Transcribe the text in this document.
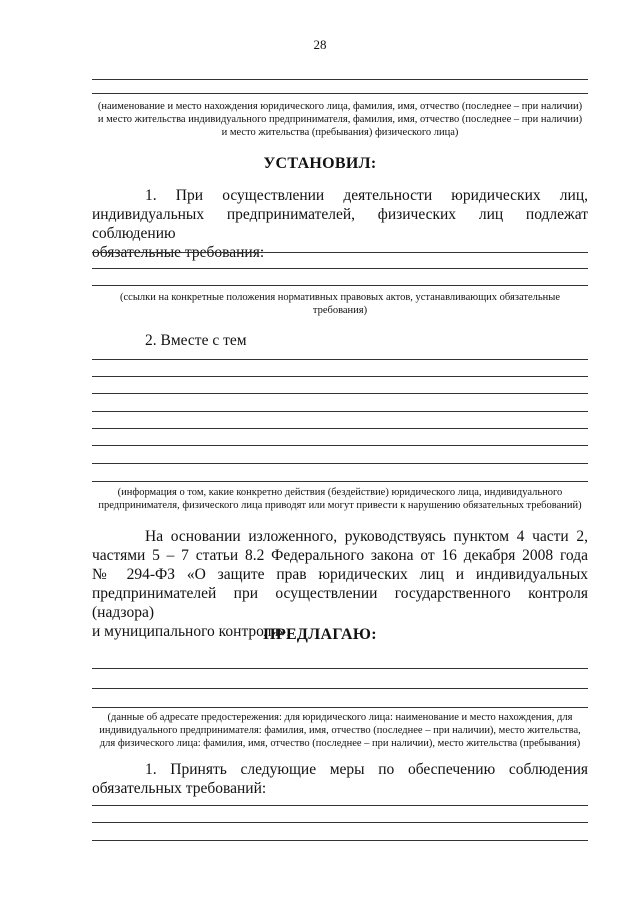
28
(наименование и место нахождения юридического лица, фамилия, имя, отчество (последнее – при наличии)
и место жительства индивидуального предпринимателя, фамилия, имя, отчество (последнее – при наличии)
и место жительства (пребывания) физического лица)
УСТАНОВИЛ:
1. При осуществлении деятельности юридических лиц,
индивидуальных предпринимателей, физических лиц подлежат соблюдению
обязательные требования:
(ссылки на конкретные положения нормативных правовых актов, устанавливающих обязательные
требования)
2. Вместе с тем
(информация о том, какие конкретно действия (бездействие) юридического лица, индивидуального
предпринимателя, физического лица приводят или могут привести к нарушению обязательных требований)
На основании изложенного, руководствуясь пунктом 4 части 2,
частями 5 – 7 статьи 8.2 Федерального закона от 16 декабря 2008 года
№ 294-ФЗ «О защите прав юридических лиц и индивидуальных
предпринимателей при осуществлении государственного контроля (надзора)
и муниципального контроля»,
ПРЕДЛАГАЮ:
(данные об адресате предостережения: для юридического лица: наименование и место нахождения, для
индивидуального предпринимателя: фамилия, имя, отчество (последнее – при наличии), место жительства,
для физического лица: фамилия, имя, отчество (последнее – при наличии), место жительства (пребывания)
1. Принять следующие меры по обеспечению соблюдения
обязательных требований:
